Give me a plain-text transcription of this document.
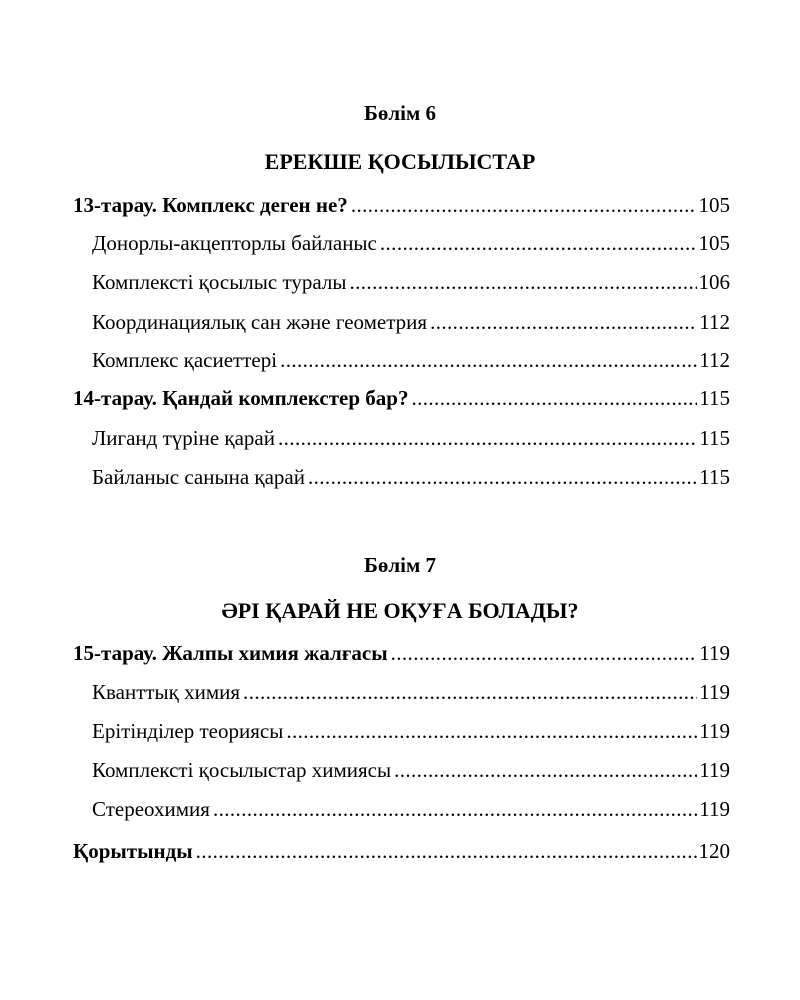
Бөлім 6
ЕРЕКШЕ ҚОСЫЛЫСТАР
13-тарау. Комплекс деген не? .....	105
Донорлы-акцепторлы байланыс .....	105
Комплексті қосылыс туралы .....	106
Координациялық сан және геометрия .....	112
Комплекс қасиеттері .....	112
14-тарау. Қандай комплекстер бар? .....	115
Лиганд түріне қарай .....	115
Байланыс санына қарай .....	115
Бөлім 7
ӘРІ ҚАРАЙ НЕ ОҚУҒА БОЛАДЫ?
15-тарау. Жалпы химия жалғасы .....	119
Кванттық химия .....	119
Ерітінділер теориясы .....	119
Комплексті қосылыстар химиясы .....	119
Стереохимия .....	119
Қорытынды .....	120
